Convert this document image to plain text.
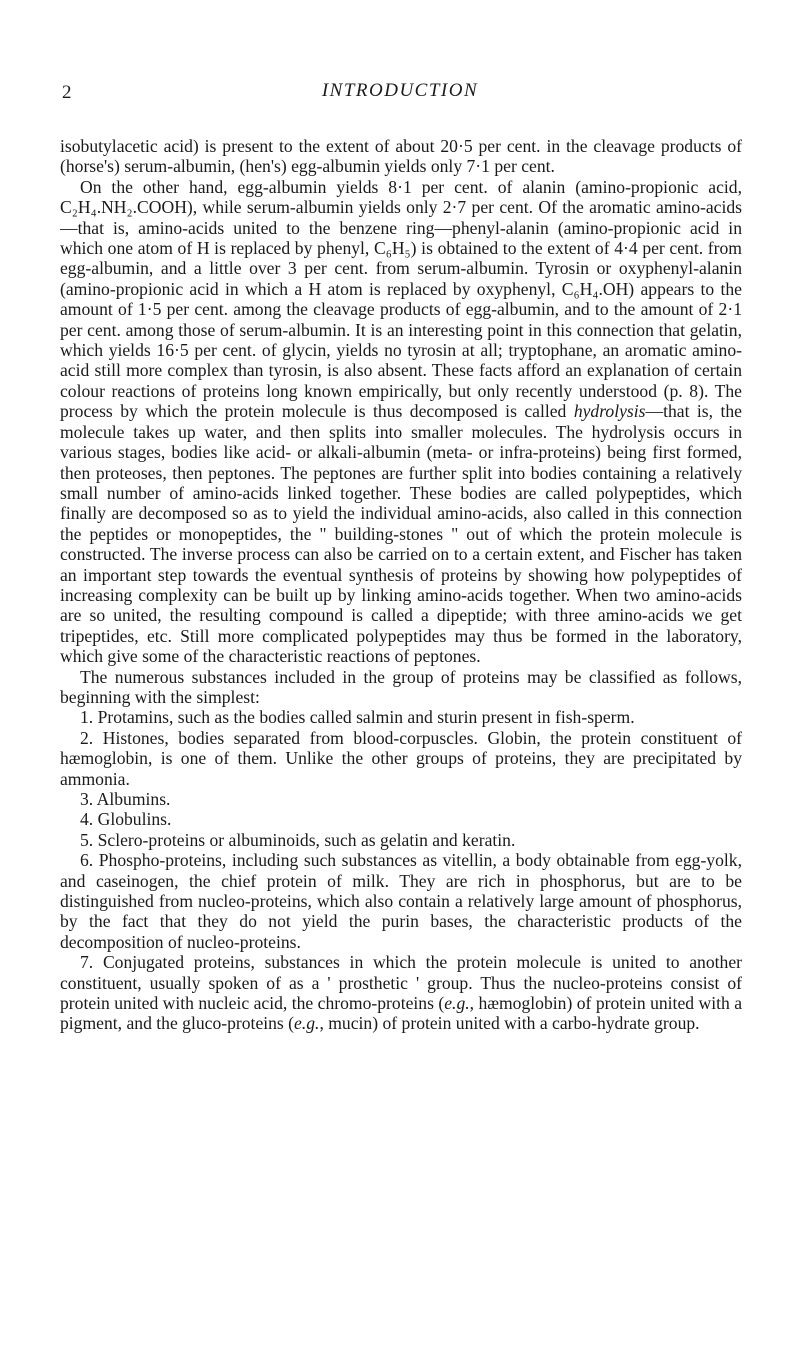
2	INTRODUCTION

isobutylacetic acid) is present to the extent of about 20·5 per cent. in the cleavage products of (horse's) serum-albumin, (hen's) egg-albumin yields only 7·1 per cent.

On the other hand, egg-albumin yields 8·1 per cent. of alanin (amino-propionic acid, C₂H₄.NH₂.COOH), while serum-albumin yields only 2·7 per cent. Of the aromatic amino-acids—that is, amino-acids united to the benzene ring—phenyl-alanin (amino-propionic acid in which one atom of H is replaced by phenyl, C₆H₅) is obtained to the extent of 4·4 per cent. from egg-albumin, and a little over 3 per cent. from serum-albumin. Tyrosin or oxyphenyl-alanin (amino-propionic acid in which a H atom is replaced by oxyphenyl, C₆H₄.OH) appears to the amount of 1·5 per cent. among the cleavage products of egg-albumin, and to the amount of 2·1 per cent. among those of serum-albumin. It is an interesting point in this connection that gelatin, which yields 16·5 per cent. of glycin, yields no tyrosin at all; tryptophane, an aromatic amino-acid still more complex than tyrosin, is also absent. These facts afford an explanation of certain colour reactions of proteins long known empirically, but only recently understood (p. 8). The process by which the protein molecule is thus decomposed is called hydrolysis—that is, the molecule takes up water, and then splits into smaller molecules. The hydrolysis occurs in various stages, bodies like acid- or alkali-albumin (meta- or infra-proteins) being first formed, then proteoses, then peptones. The peptones are further split into bodies containing a relatively small number of amino-acids linked together. These bodies are called polypeptides, which finally are decomposed so as to yield the individual amino-acids, also called in this connection the peptides or monopeptides, the " building-stones " out of which the protein molecule is constructed. The inverse process can also be carried on to a certain extent, and Fischer has taken an important step towards the eventual synthesis of proteins by showing how polypeptides of increasing complexity can be built up by linking amino-acids together. When two amino-acids are so united, the resulting compound is called a dipeptide; with three amino-acids we get tripeptides, etc. Still more complicated polypeptides may thus be formed in the laboratory, which give some of the characteristic reactions of peptones.

The numerous substances included in the group of proteins may be classified as follows, beginning with the simplest:

1. Protamins, such as the bodies called salmin and sturin present in fish-sperm.

2. Histones, bodies separated from blood-corpuscles. Globin, the protein constituent of hæmoglobin, is one of them. Unlike the other groups of proteins, they are precipitated by ammonia.

3. Albumins.

4. Globulins.

5. Sclero-proteins or albuminoids, such as gelatin and keratin.

6. Phospho-proteins, including such substances as vitellin, a body obtainable from egg-yolk, and caseinogen, the chief protein of milk. They are rich in phosphorus, but are to be distinguished from nucleo-proteins, which also contain a relatively large amount of phosphorus, by the fact that they do not yield the purin bases, the characteristic products of the decomposition of nucleo-proteins.

7. Conjugated proteins, substances in which the protein molecule is united to another constituent, usually spoken of as a ' prosthetic ' group. Thus the nucleo-proteins consist of protein united with nucleic acid, the chromo-proteins (e.g., hæmoglobin) of protein united with a pigment, and the gluco-proteins (e.g., mucin) of protein united with a carbo-hydrate group.
